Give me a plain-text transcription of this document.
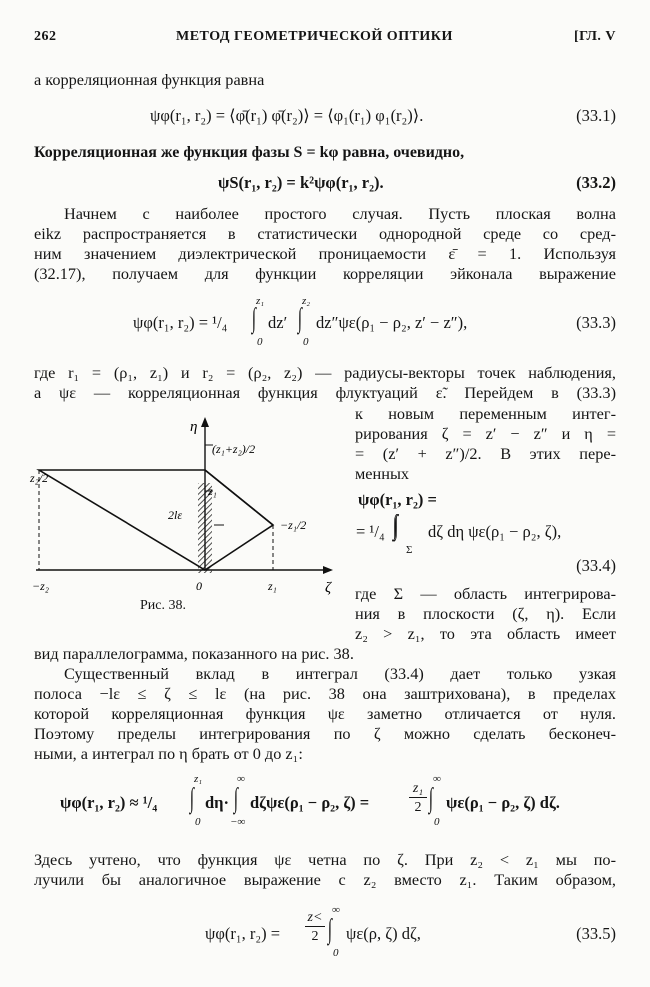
262	МЕТОД ГЕОМЕТРИЧЕСКОЙ ОПТИКИ	[ГЛ. V
а корреляционная функция равна
ψφ(r₁, r₂) = ⟨φ̄(r₁) φ̄(r₂)⟩ = ⟨φ₁(r₁) φ₁(r₂)⟩.	(33.1)
Корреляционная же функция фазы S = kφ равна, очевидно,
ψS(r₁, r₂) = k²ψφ(r₁, r₂).	(33.2)
Начнем с наиболее простого случая. Пусть плоская волна
eikz распространяется в статистически однородной среде со сред-
ним значением диэлектрической проницаемости ε̄ = 1. Используя
(32.17), получаем для функции корреляции эйконала выражение
ψφ(r₁, r₂) = ¹/₄ ∫
z₁
0
dz′ ∫
z₂
0
dz″ψε(ρ₁ − ρ₂, z′ − z″),	(33.3)
где r₁ = (ρ₁, z₁) и r₂ = (ρ₂, z₂) — радиусы-векторы точек наблюдения,
а ψε — корреляционная функция флуктуаций ε̃. Перейдем в (33.3)
η
ζ
(z₁+z₂)/2
z₂/2
z₁
−z₁/2
2lε
−z₂	0	z₁
Рис. 38.
к новым переменным интег-
рирования ζ = z′ − z″ и η =
= (z′ + z″)/2. В этих пере-
менных
ψφ(r₁, r₂) =
= ¹/₄
Σ
dζ dη ψε(ρ₁ − ρ₂, ζ),
(33.4)
где Σ — область интегрирова-
ния в плоскости (ζ, η). Если
z₂ > z₁, то эта область имеет
вид параллелограмма, показанного на рис. 38.
Существенный вклад в интеграл (33.4) дает только узкая
полоса −lε ≤ ζ ≤ lε (на рис. 38 она заштрихована), в пределах
которой корреляционная функция ψε заметно отличается от нуля.
Поэтому пределы интегрирования по ζ можно сделать бесконеч-
ными, а интеграл по η брать от 0 до z₁:
ψφ(r₁, r₂) ≈ ¹/₄ ∫
z₁
0
dη· ∫
∞
−∞
dζψε(ρ₁ − ρ₂, ζ) =
z₁
2 ∫
∞
0
ψε(ρ₁ − ρ₂, ζ) dζ.
Здесь учтено, что функция ψε четна по ζ. При z₂ < z₁ мы по-
лучили бы аналогичное выражение с z₂ вместо z₁. Таким образом,
ψφ(r₁, r₂) =
z<
2 ∫
∞
0
ψε(ρ, ζ) dζ,	(33.5)
